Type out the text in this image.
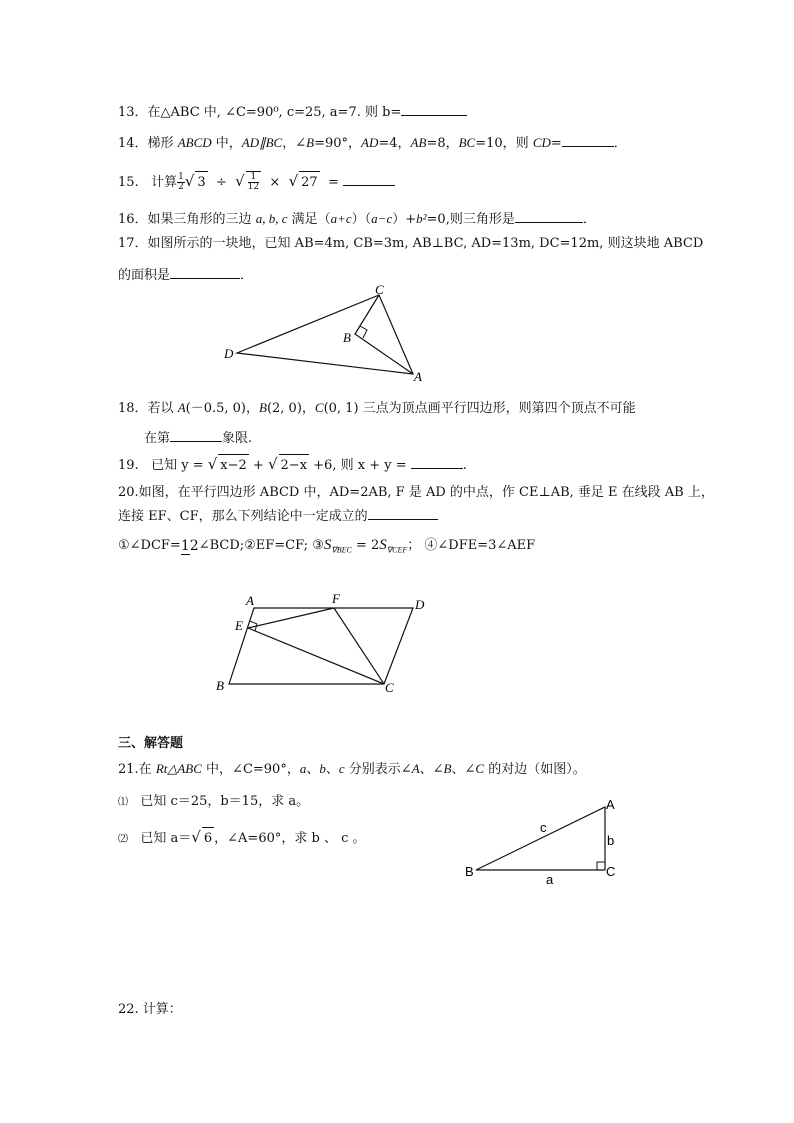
13．在△ABC 中, ∠C=90⁰, c=25, a=7. 则 b=
14．梯形 ABCD 中，AD∥BC，∠B=90°，AD=4，AB=8，BC=10，则 CD=	．
15. 计算 $\frac{1}{2}$ √ 3 ÷ √ $\frac{1}{12}$ × √ 27 =
16．如果三角形的三边 a, b, c 满足（a+c）（a−c）+b²=0,则三角形是	．
17．如图所示的一块地，已知 AB=4m, CB=3m, AB⊥BC, AD=13m, DC=12m, 则这块地 ABCD
的面积是	．
C
B
D
A
18．若以 A(－0.5, 0)，B(2, 0)，C(0, 1) 三点为顶点画平行四边形，则第四个顶点不可能
在第	象限.
19. 已知 y = √ x−2 + √ 2−x +6, 则 x + y =	.
20.如图，在平行四边形 ABCD 中，AD=2AB, F 是 AD 的中点，作 CE⊥AB, 垂足 E 在线段 AB 上，
连接 EF、CF，那么下列结论中一定成立的
①∠DCF=12∠BCD;②EF=CF; $③S_{\nabla BEC} = 2S_{\nabla CEF}$； ④∠DFE=3∠AEF
A	F	D
E
B	C
三、解答题
21.在 Rt△ABC 中，∠C=90°，a、b、c 分别表示∠A、∠B、∠C 的对边（如图）。
⑴ 已知 c＝25，b＝15，求 a。
⑵ 已知 a＝√ 6 ，∠A=60°，求 b 、 c 。
A
c
b
B	C
a
22. 计算：
